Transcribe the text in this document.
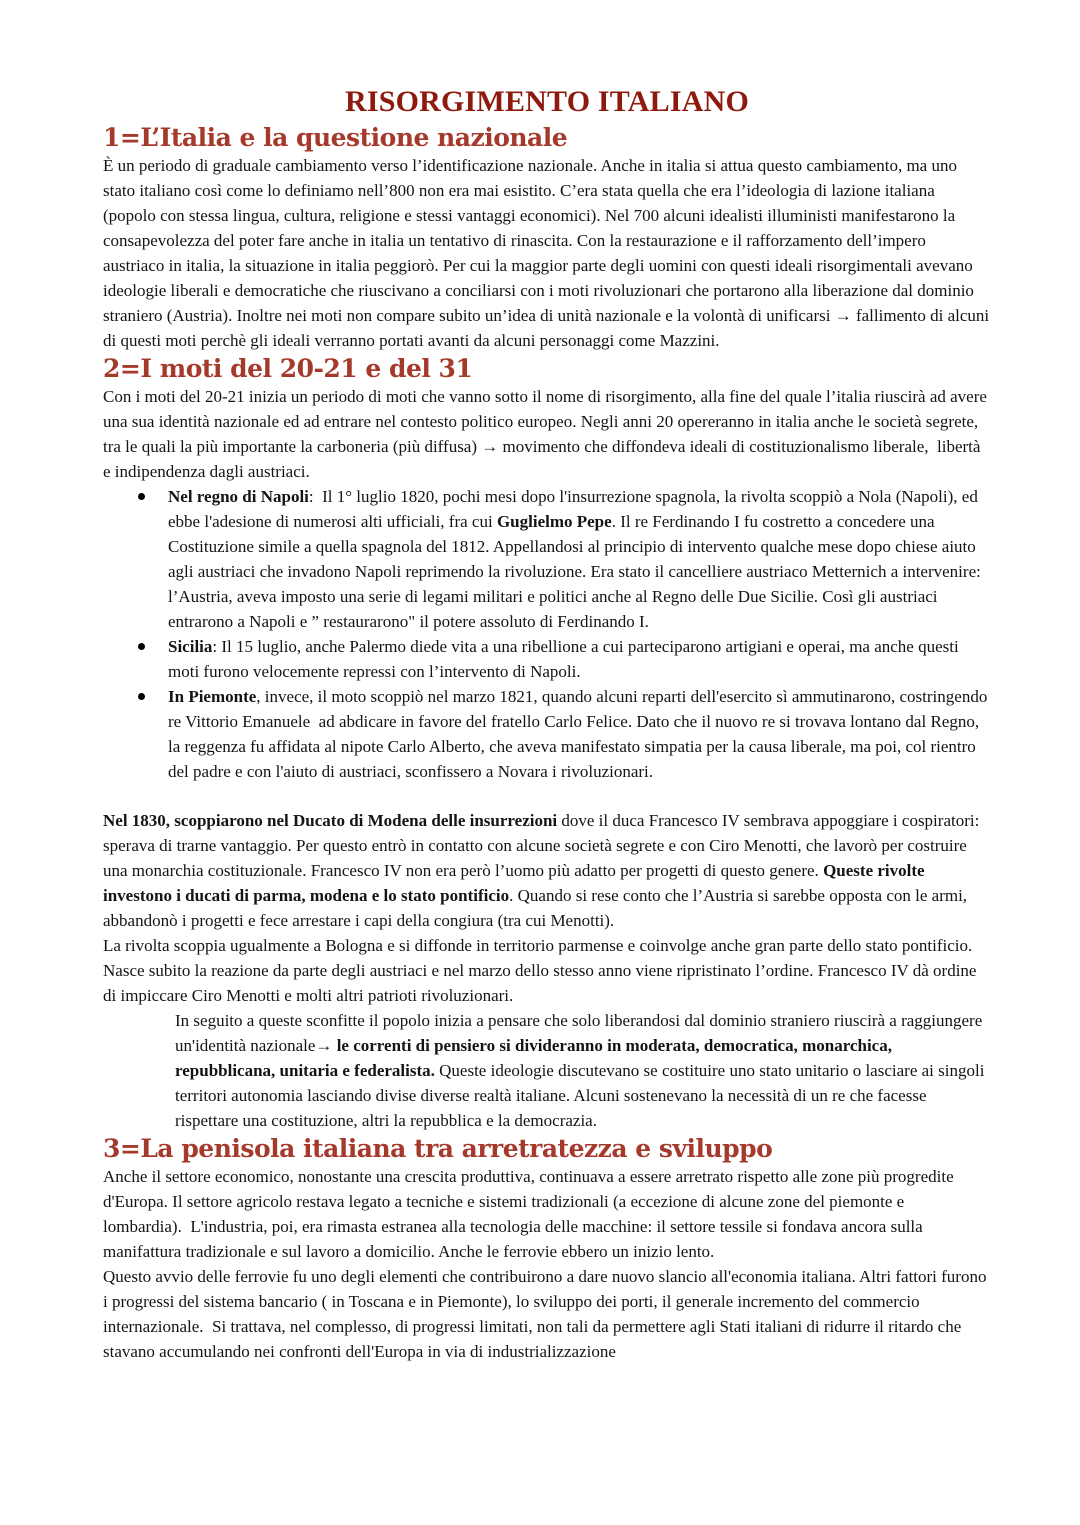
RISORGIMENTO ITALIANO
1=L’Italia e la questione nazionale

È un periodo di graduale cambiamento verso l’identificazione nazionale. Anche in italia si attua questo cambiamento, ma uno stato italiano così come lo definiamo nell’800 non era mai esistito. C’era stata quella che era l’ideologia di lazione italiana (popolo con stessa lingua, cultura, religione e stessi vantaggi economici). Nel 700 alcuni idealisti illuministi manifestarono la consapevolezza del poter fare anche in italia un tentativo di rinascita. Con la restaurazione e il rafforzamento dell’impero austriaco in italia, la situazione in italia peggiorò. Per cui la maggior parte degli uomini con questi ideali risorgimentali avevano ideologie liberali e democratiche che riuscivano a conciliarsi con i moti rivoluzionari che portarono alla liberazione dal dominio straniero (Austria). Inoltre nei moti non compare subito un’idea di unità nazionale e la volontà di unificarsi → fallimento di alcuni di questi moti perchè gli ideali verranno portati avanti da alcuni personaggi come Mazzini.

2=I moti del 20-21 e del 31

Con i moti del 20-21 inizia un periodo di moti che vanno sotto il nome di risorgimento, alla fine del quale l’italia riuscirà ad avere una sua identità nazionale ed ad entrare nel contesto politico europeo. Negli anni 20 opereranno in italia anche le società segrete, tra le quali la più importante la carboneria (più diffusa) → movimento che diffondeva ideali di costituzionalismo liberale,  libertà e indipendenza dagli austriaci.

Nel regno di Napoli:  Il 1° luglio 1820, pochi mesi dopo l'insurrezione spagnola, la rivolta scoppiò a Nola (Napoli), ed ebbe l'adesione di numerosi alti ufficiali, fra cui Guglielmo Pepe. Il re Ferdinando I fu costretto a concedere una Costituzione simile a quella spagnola del 1812. Appellandosi al principio di intervento qualche mese dopo chiese aiuto agli austriaci che invadono Napoli reprimendo la rivoluzione. Era stato il cancelliere austriaco Metternich a intervenire: l’Austria, aveva imposto una serie di legami militari e politici anche al Regno delle Due Sicilie. Così gli austriaci entrarono a Napoli e ” restaurarono" il potere assoluto di Ferdinando I.
Sicilia: Il 15 luglio, anche Palermo diede vita a una ribellione a cui parteciparono artigiani e operai, ma anche questi moti furono velocemente repressi con l’intervento di Napoli.
In Piemonte, invece, il moto scoppiò nel marzo 1821, quando alcuni reparti dell'esercito sì ammutinarono, costringendo re Vittorio Emanuele  ad abdicare in favore del fratello Carlo Felice. Dato che il nuovo re si trovava lontano dal Regno, la reggenza fu affidata al nipote Carlo Alberto, che aveva manifestato simpatia per la causa liberale, ma poi, col rientro del padre e con l'aiuto di austriaci, sconfissero a Novara i rivoluzionari.

Nel 1830, scoppiarono nel Ducato di Modena delle insurrezioni dove il duca Francesco IV sembrava appoggiare i cospiratori: sperava di trarne vantaggio. Per questo entrò in contatto con alcune società segrete e con Ciro Menotti, che lavorò per costruire una monarchia costituzionale. Francesco IV non era però l’uomo più adatto per progetti di questo genere. Queste rivolte investono i ducati di parma, modena e lo stato pontificio. Quando si rese conto che l’Austria si sarebbe opposta con le armi, abbandonò i progetti e fece arrestare i capi della congiura (tra cui Menotti).

La rivolta scoppia ugualmente a Bologna e si diffonde in territorio parmense e coinvolge anche gran parte dello stato pontificio.  Nasce subito la reazione da parte degli austriaci e nel marzo dello stesso anno viene ripristinato l’ordine. Francesco IV dà ordine di impiccare Ciro Menotti e molti altri patrioti rivoluzionari.

In seguito a queste sconfitte il popolo inizia a pensare che solo liberandosi dal dominio straniero riuscirà a raggiungere un'identità nazionale→ le correnti di pensiero si divideranno in moderata, democratica, monarchica, repubblicana, unitaria e federalista. Queste ideologie discutevano se costituire uno stato unitario o lasciare ai singoli territori autonomia lasciando divise diverse realtà italiane. Alcuni sostenevano la necessità di un re che facesse rispettare una costituzione, altri la repubblica e la democrazia.

3=La penisola italiana tra arretratezza e sviluppo

Anche il settore economico, nonostante una crescita produttiva, continuava a essere arretrato rispetto alle zone più progredite d'Europa. Il settore agricolo restava legato a tecniche e sistemi tradizionali (a eccezione di alcune zone del piemonte e lombardia).  L'industria, poi, era rimasta estranea alla tecnologia delle macchine: il settore tessile si fondava ancora sulla manifattura tradizionale e sul lavoro a domicilio. Anche le ferrovie ebbero un inizio lento.

Questo avvio delle ferrovie fu uno degli elementi che contribuirono a dare nuovo slancio all'economia italiana. Altri fattori furono i progressi del sistema bancario ( in Toscana e in Piemonte), lo sviluppo dei porti, il generale incremento del commercio internazionale.  Si trattava, nel complesso, di progressi limitati, non tali da permettere agli Stati italiani di ridurre il ritardo che stavano accumulando nei confronti dell'Europa in via di industrializzazione
